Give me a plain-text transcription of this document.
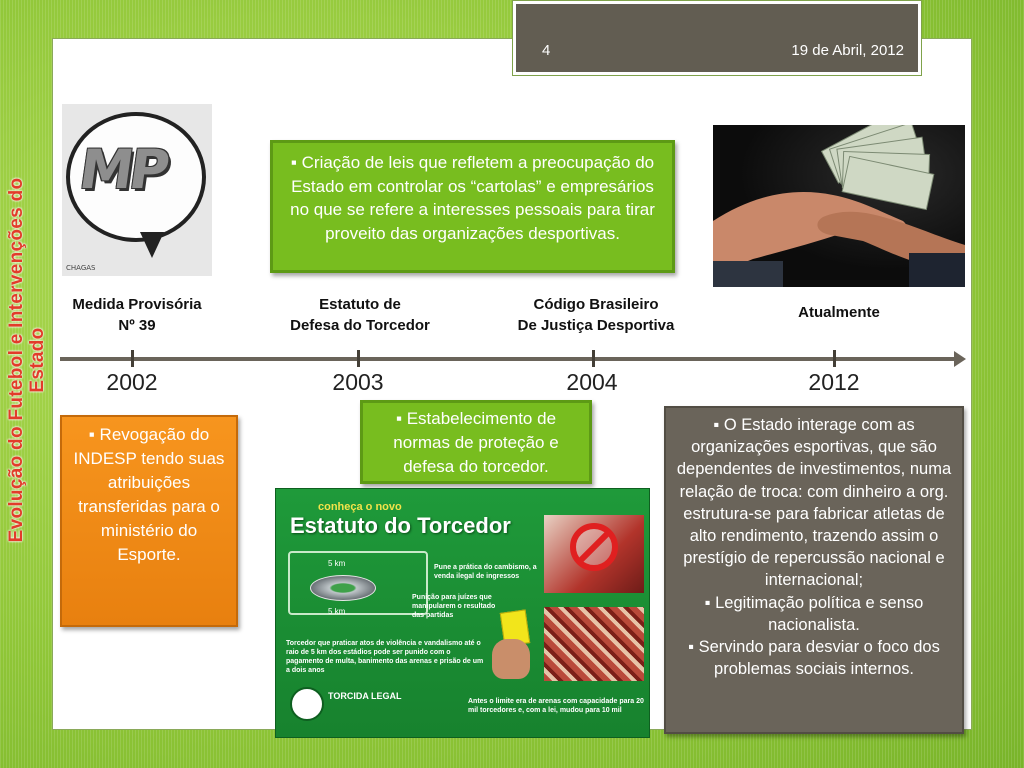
4	19 de Abril, 2012
Evolução do Futebol e Intervenções do Estado
MP
CHAGAS
▪ Criação de leis que refletem a preocupação do Estado em controlar os “cartolas” e empresários no que se refere a interesses pessoais para tirar proveito das organizações desportivas.
Medida Provisória
Nº 39
Estatuto de
Defesa do Torcedor
Código Brasileiro
De Justiça Desportiva
Atualmente
2002	2003	2004	2012
▪ Revogação do INDESP tendo suas atribuições transferidas para o ministério do Esporte.
▪ Estabelecimento de normas de proteção e defesa do torcedor.
▪ O Estado interage com as organizações esportivas, que são dependentes de investimentos, numa relação de troca: com dinheiro a org. estrutura-se para fabricar atletas de alto rendimento, trazendo assim o prestígio de repercussão nacional e internacional;
▪ Legitimação política e senso nacionalista.
▪ Servindo para desviar o foco dos problemas sociais internos.
conheça o novo
Estatuto do Torcedor
5 km
5 km
Pune a prática do cambismo, a venda ilegal de ingressos
Punição para juízes que manipularem o resultado das partidas
Torcedor que praticar atos de violência e vandalismo até o raio de 5 km dos estádios pode ser punido com o pagamento de multa, banimento das arenas e prisão de um a dois anos
TORCIDA LEGAL
Antes o limite era de arenas com capacidade para 20 mil torcedores e, com a lei, mudou para 10 mil
